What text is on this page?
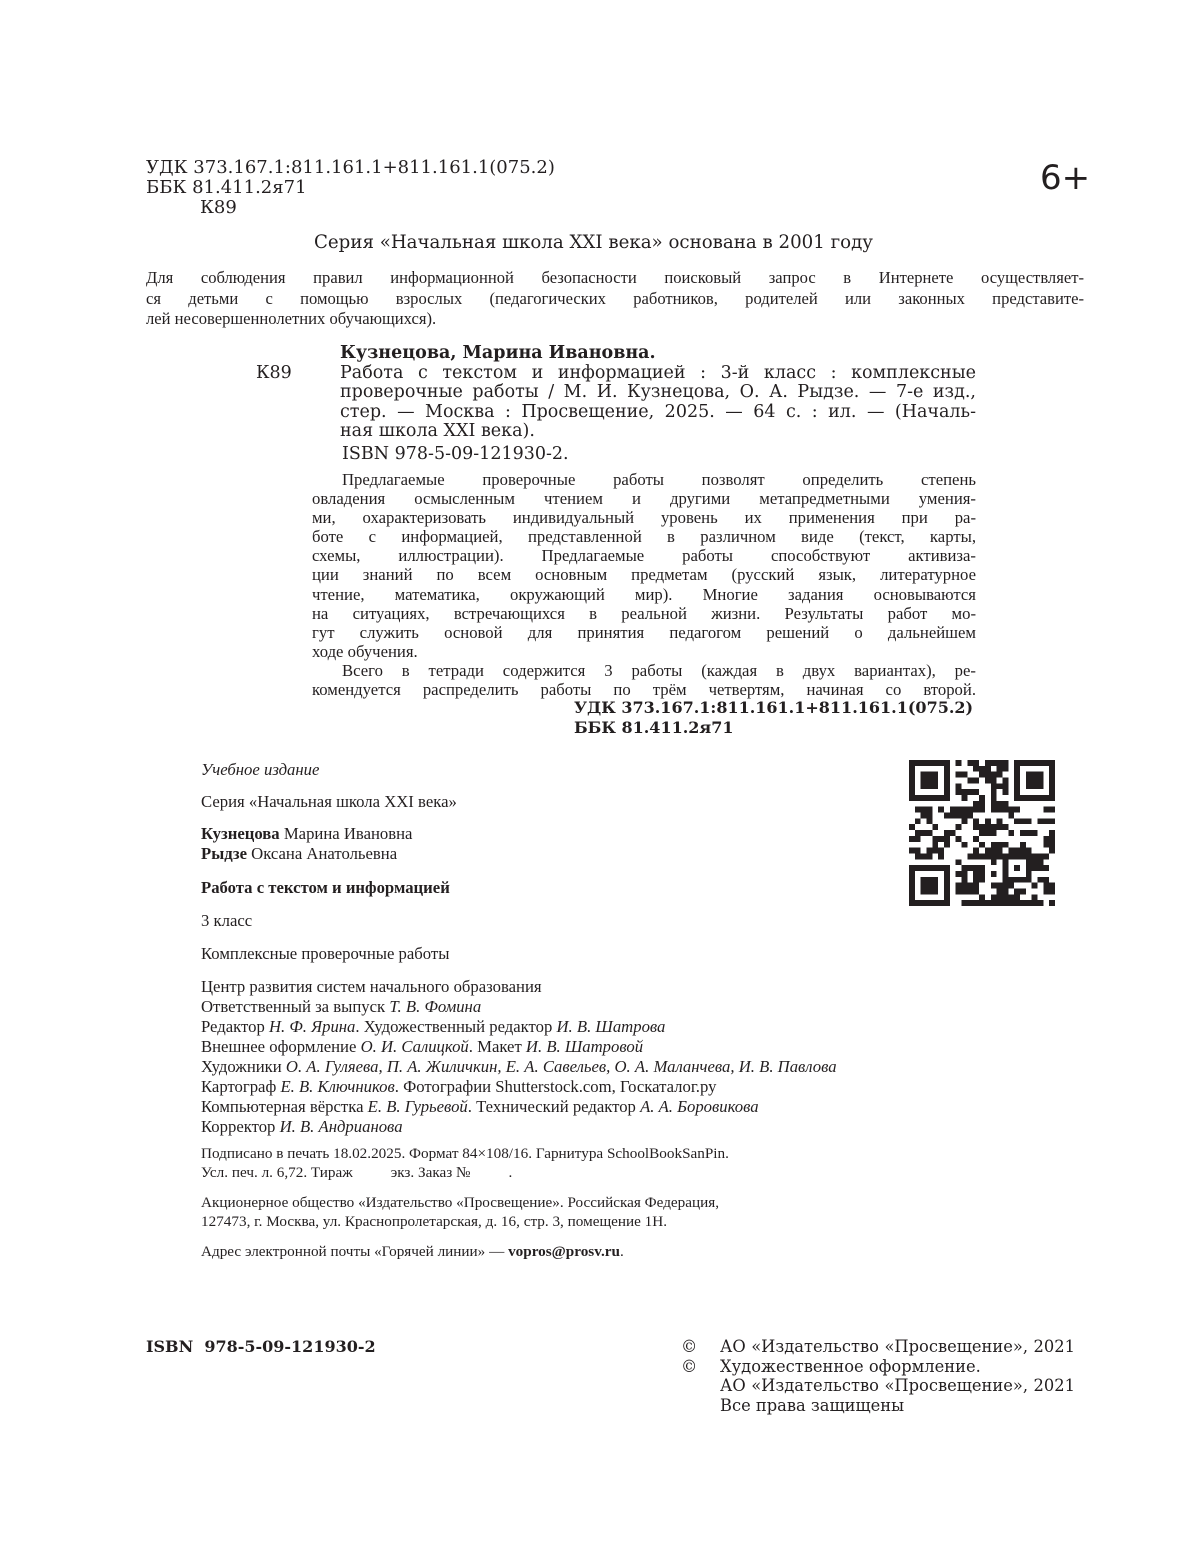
УДК 373.167.1:811.161.1+811.161.1(075.2)
ББК 81.411.2я71
К89
6+
Серия «Начальная школа XXI века» основана в 2001 году
Для соблюдения правил информационной безопасности поисковый запрос в Интернете осуществляет-
ся детьми с помощью взрослых (педагогических работников, родителей или законных представите-
лей несовершеннолетних обучающихся).
Кузнецова, Марина Ивановна.
К89	Работа с текстом и информацией : 3-й класс : комплексные
проверочные работы / М. И. Кузнецова, О. А. Рыдзе. — 7-е изд.,
стер. — Москва : Просвещение, 2025. — 64 с. : ил. — (Началь-
ная школа XXI века).
ISBN 978-5-09-121930-2.
Предлагаемые проверочные работы позволят определить степень
овладения осмысленным чтением и другими метапредметными умения-
ми, охарактеризовать индивидуальный уровень их применения при ра-
боте с информацией, представленной в различном виде (текст, карты,
схемы, иллюстрации). Предлагаемые работы способствуют активиза-
ции знаний по всем основным предметам (русский язык, литературное
чтение, математика, окружающий мир). Многие задания основываются
на ситуациях, встречающихся в реальной жизни. Результаты работ мо-
гут служить основой для принятия педагогом решений о дальнейшем
ходе обучения.
Всего в тетради содержится 3 работы (каждая в двух вариантах), ре-
комендуется распределить работы по трём четвертям, начиная со второй.
УДК 373.167.1:811.161.1+811.161.1(075.2)
ББК 81.411.2я71
Учебное издание
Серия «Начальная школа XXI века»
Кузнецова Марина Ивановна
Рыдзе Оксана Анатольевна
Работа с текстом и информацией
3 класс
Комплексные проверочные работы
Центр развития систем начального образования
Ответственный за выпуск Т. В. Фомина
Редактор Н. Ф. Ярина. Художественный редактор И. В. Шатрова
Внешнее оформление О. И. Салицкой. Макет И. В. Шатровой
Художники О. А. Гуляева, П. А. Жиличкин, Е. А. Савельев, О. А. Маланчева, И. В. Павлова
Картограф Е. В. Ключников. Фотографии Shutterstock.com, Госкаталог.ру
Компьютерная вёрстка Е. В. Гурьевой. Технический редактор А. А. Боровикова
Корректор И. В. Андрианова
Подписано в печать 18.02.2025. Формат 84×108/16. Гарнитура SchoolBookSanPin.
Усл. печ. л. 6,72. Тираж          экз. Заказ №          .
Акционерное общество «Издательство «Просвещение». Российская Федерация,
127473, г. Москва, ул. Краснопролетарская, д. 16, стр. 3, помещение 1Н.
Адрес электронной почты «Горячей линии» — vopros@prosv.ru.
ISBN  978-5-09-121930-2	©	АО «Издательство «Просвещение», 2021
©	Художественное оформление.
АО «Издательство «Просвещение», 2021
Все права защищены
